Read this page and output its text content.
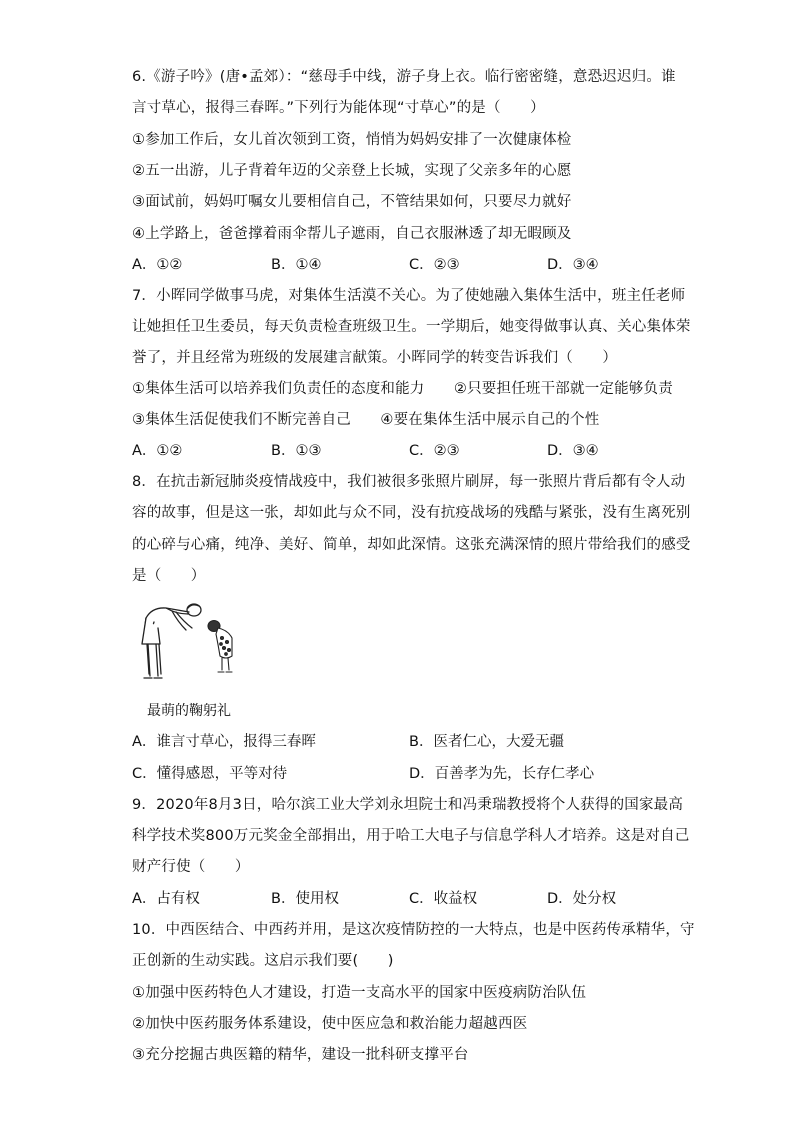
6.《游子吟》(唐•孟郊）：“慈母手中线，游子身上衣。临行密密缝，意恐迟迟归。谁
言寸草心，报得三春晖。”下列行为能体现“寸草心”的是（　　）
①参加工作后，女儿首次领到工资，悄悄为妈妈安排了一次健康体检
②五一出游，儿子背着年迈的父亲登上长城，实现了父亲多年的心愿
③面试前，妈妈叮嘱女儿要相信自己，不管结果如何，只要尽力就好
④上学路上，爸爸撑着雨伞帮儿子遮雨，自己衣服淋透了却无暇顾及
A．①②	B．①④	C．②③	D．③④
7．小晖同学做事马虎，对集体生活漠不关心。为了使她融入集体生活中，班主任老师
让她担任卫生委员，每天负责检查班级卫生。一学期后，她变得做事认真、关心集体荣
誉了，并且经常为班级的发展建言献策。小晖同学的转变告诉我们（　　）
①集体生活可以培养我们负责任的态度和能力　　②只要担任班干部就一定能够负责
③集体生活促使我们不断完善自己　　④要在集体生活中展示自己的个性
A．①②	B．①③	C．②③	D．③④
8．在抗击新冠肺炎疫情战疫中，我们被很多张照片刷屏，每一张照片背后都有令人动
容的故事，但是这一张，却如此与众不同，没有抗疫战场的残酷与紧张，没有生离死别
的心碎与心痛，纯净、美好、简单，却如此深情。这张充满深情的照片带给我们的感受
是（　　）
最萌的鞠躬礼
A．谁言寸草心，报得三春晖	B．医者仁心，大爱无疆
C．懂得感恩，平等对待	D．百善孝为先，长存仁孝心
9．2020年8月3日，哈尔滨工业大学刘永坦院士和冯秉瑞教授将个人获得的国家最高
科学技术奖800万元奖金全部捐出，用于哈工大电子与信息学科人才培养。这是对自己
财产行使（　　）
A．占有权	B．使用权	C．收益权	D．处分权
10．中西医结合、中西药并用，是这次疫情防控的一大特点，也是中医药传承精华，守
正创新的生动实践。这启示我们要(　　)
①加强中医药特色人才建设，打造一支高水平的国家中医疫病防治队伍
②加快中医药服务体系建设，使中医应急和救治能力超越西医
③充分挖掘古典医籍的精华，建设一批科研支撑平台
